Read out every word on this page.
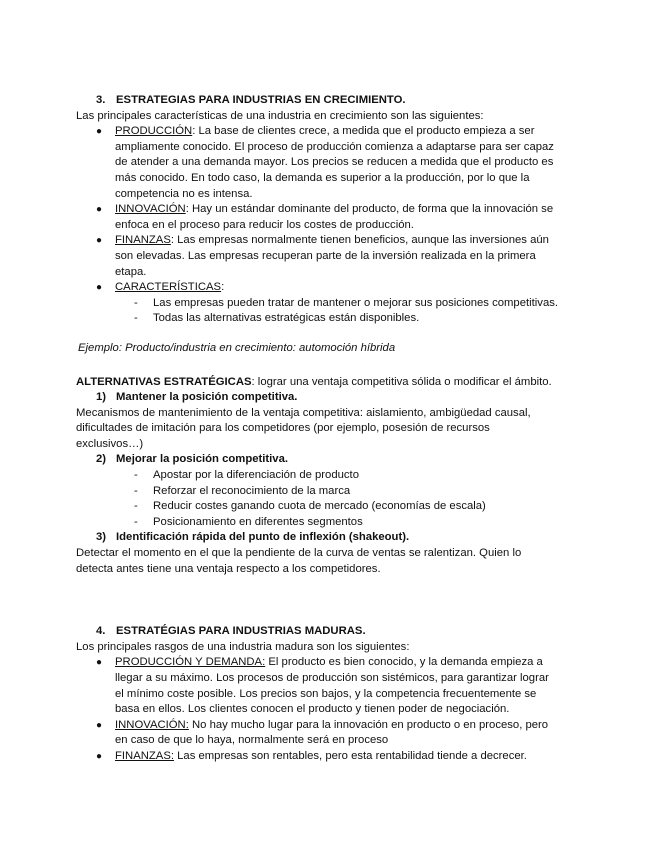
3. ESTRATEGIAS PARA INDUSTRIAS EN CRECIMIENTO.
Las principales características de una industria en crecimiento son las siguientes:
● PRODUCCIÓN: La base de clientes crece, a medida que el producto empieza a ser
ampliamente conocido. El proceso de producción comienza a adaptarse para ser capaz
de atender a una demanda mayor. Los precios se reducen a medida que el producto es
más conocido. En todo caso, la demanda es superior a la producción, por lo que la
competencia no es intensa.
● INNOVACIÓN: Hay un estándar dominante del producto, de forma que la innovación se
enfoca en el proceso para reducir los costes de producción.
● FINANZAS: Las empresas normalmente tienen beneficios, aunque las inversiones aún
son elevadas. Las empresas recuperan parte de la inversión realizada en la primera
etapa.
● CARACTERÍSTICAS:
- Las empresas pueden tratar de mantener o mejorar sus posiciones competitivas.
- Todas las alternativas estratégicas están disponibles.
Ejemplo: Producto/industria en crecimiento: automoción híbrida
ALTERNATIVAS ESTRATÉGICAS: lograr una ventaja competitiva sólida o modificar el ámbito.
1) Mantener la posición competitiva.
Mecanismos de mantenimiento de la ventaja competitiva: aislamiento, ambigüedad causal,
dificultades de imitación para los competidores (por ejemplo, posesión de recursos
exclusivos…)
2) Mejorar la posición competitiva.
- Apostar por la diferenciación de producto
- Reforzar el reconocimiento de la marca
- Reducir costes ganando cuota de mercado (economías de escala)
- Posicionamiento en diferentes segmentos
3) Identificación rápida del punto de inflexión (shakeout).
Detectar el momento en el que la pendiente de la curva de ventas se ralentizan. Quien lo
detecta antes tiene una ventaja respecto a los competidores.
4. ESTRATÉGIAS PARA INDUSTRIAS MADURAS.
Los principales rasgos de una industria madura son los siguientes:
● PRODUCCIÓN Y DEMANDA: El producto es bien conocido, y la demanda empieza a
llegar a su máximo. Los procesos de producción son sistémicos, para garantizar lograr
el mínimo coste posible. Los precios son bajos, y la competencia frecuentemente se
basa en ellos. Los clientes conocen el producto y tienen poder de negociación.
● INNOVACIÓN: No hay mucho lugar para la innovación en producto o en proceso, pero
en caso de que lo haya, normalmente será en proceso
● FINANZAS: Las empresas son rentables, pero esta rentabilidad tiende a decrecer.
